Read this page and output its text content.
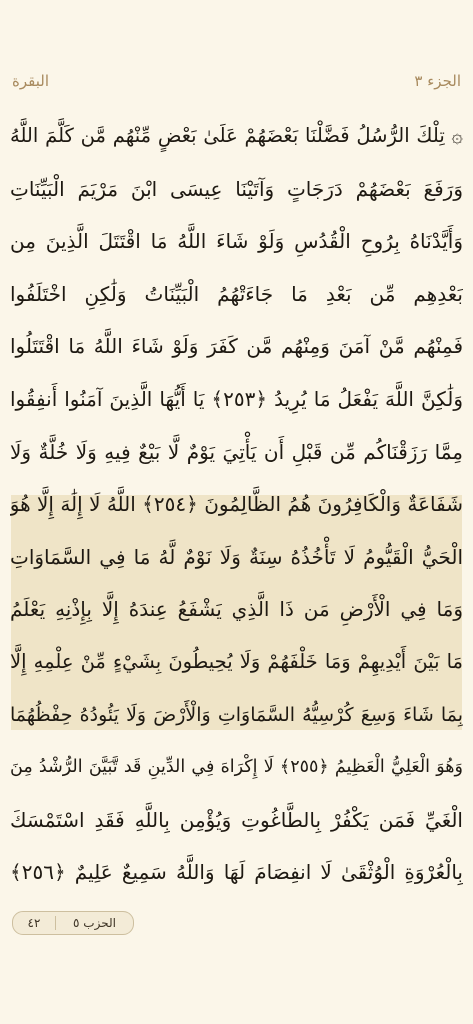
الجزء ٣
البقرة
۞ تِلْكَ الرُّسُلُ فَضَّلْنَا بَعْضَهُمْ عَلَىٰ بَعْضٍ مِّنْهُم مَّن كَلَّمَ اللَّهُ
وَرَفَعَ بَعْضَهُمْ دَرَجَاتٍ وَآتَيْنَا عِيسَى ابْنَ مَرْيَمَ الْبَيِّنَاتِ
وَأَيَّدْنَاهُ بِرُوحِ الْقُدُسِ وَلَوْ شَاءَ اللَّهُ مَا اقْتَتَلَ الَّذِينَ مِن
بَعْدِهِم مِّن بَعْدِ مَا جَاءَتْهُمُ الْبَيِّنَاتُ وَلَٰكِنِ اخْتَلَفُوا
فَمِنْهُم مَّنْ آمَنَ وَمِنْهُم مَّن كَفَرَ وَلَوْ شَاءَ اللَّهُ مَا اقْتَتَلُوا
وَلَٰكِنَّ اللَّهَ يَفْعَلُ مَا يُرِيدُ ﴿٢٥٣﴾ يَا أَيُّهَا الَّذِينَ آمَنُوا أَنفِقُوا
مِمَّا رَزَقْنَاكُم مِّن قَبْلِ أَن يَأْتِيَ يَوْمٌ لَّا بَيْعٌ فِيهِ وَلَا خُلَّةٌ وَلَا
شَفَاعَةٌ وَالْكَافِرُونَ هُمُ الظَّالِمُونَ ﴿٢٥٤﴾ اللَّهُ لَا إِلَٰهَ إِلَّا هُوَ
الْحَيُّ الْقَيُّومُ لَا تَأْخُذُهُ سِنَةٌ وَلَا نَوْمٌ لَّهُ مَا فِي السَّمَاوَاتِ
وَمَا فِي الْأَرْضِ مَن ذَا الَّذِي يَشْفَعُ عِندَهُ إِلَّا بِإِذْنِهِ يَعْلَمُ
مَا بَيْنَ أَيْدِيهِمْ وَمَا خَلْفَهُمْ وَلَا يُحِيطُونَ بِشَيْءٍ مِّنْ عِلْمِهِ إِلَّا
بِمَا شَاءَ وَسِعَ كُرْسِيُّهُ السَّمَاوَاتِ وَالْأَرْضَ وَلَا يَئُودُهُ حِفْظُهُمَا
وَهُوَ الْعَلِيُّ الْعَظِيمُ ﴿٢٥٥﴾ لَا إِكْرَاهَ فِي الدِّينِ قَد تَّبَيَّنَ الرُّشْدُ مِنَ
الْغَيِّ فَمَن يَكْفُرْ بِالطَّاغُوتِ وَيُؤْمِن بِاللَّهِ فَقَدِ اسْتَمْسَكَ
بِالْعُرْوَةِ الْوُثْقَىٰ لَا انفِصَامَ لَهَا وَاللَّهُ سَمِيعٌ عَلِيمٌ ﴿٢٥٦﴾
الحزب ٥
٤٢
